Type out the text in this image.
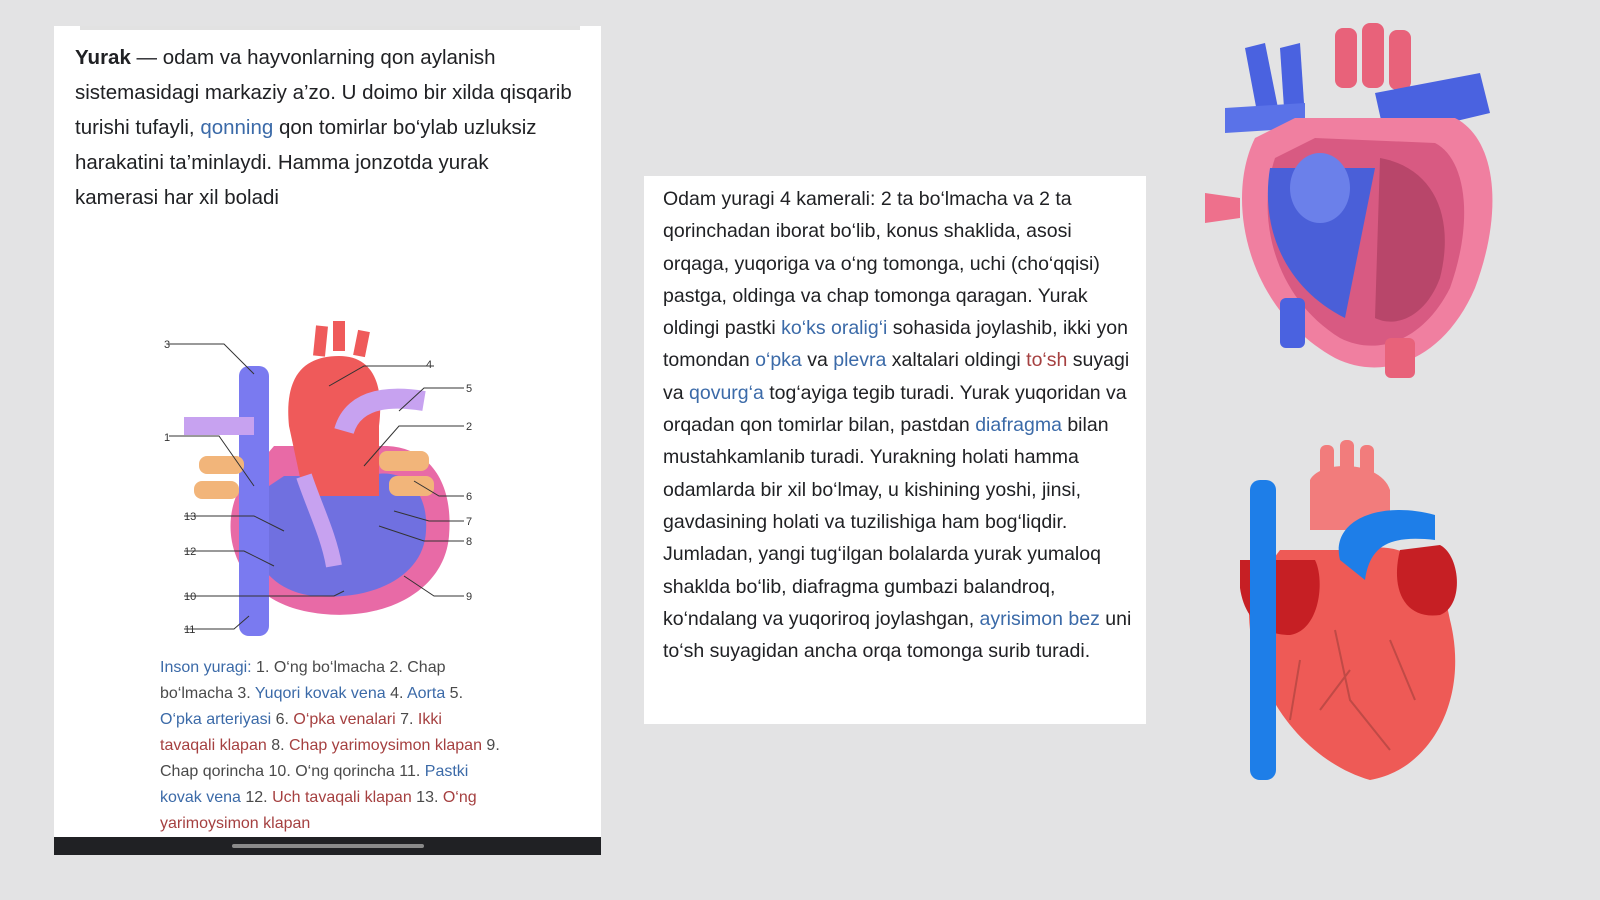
Yurak — odam va hayvonlarning qon aylanish sistemasidagi markaziy a’zo. U doimo bir xilda qisqarib turishi tufayli, qonning qon tomirlar bo‘ylab uzluksiz harakatini ta’minlaydi. Hamma jonzotda yurak kamerasi har xil boladi
1
2
3
4
5
6
7
8
9
10
11
12
13
Inson yuragi: 1. O‘ng bo‘lmacha 2. Chap bo‘lmacha 3. Yuqori kovak vena 4. Aorta 5. O‘pka arteriyasi 6. O‘pka venalari 7. Ikki tavaqali klapan 8. Chap yarimoysimon klapan 9. Chap qorincha 10. O‘ng qorincha 11. Pastki kovak vena 12. Uch tavaqali klapan 13. O‘ng yarimoysimon klapan
Odam yuragi 4 kamerali: 2 ta bo‘lmacha va 2 ta qorinchadan iborat bo‘lib, konus shaklida, asosi orqaga, yuqoriga va o‘ng tomonga, uchi (cho‘qqisi) pastga, oldinga va chap tomonga qaragan. Yurak oldingi pastki ko‘ks oralig‘i sohasida joylashib, ikki yon tomondan o‘pka va plevra xaltalari oldingi to‘sh suyagi va qovurg‘a tog‘ayiga tegib turadi. Yurak yuqoridan va orqadan qon tomirlar bilan, pastdan diafragma bilan mustahkamlanib turadi. Yurakning holati hamma odamlarda bir xil bo‘lmay, u kishining yoshi, jinsi, gavdasining holati va tuzilishiga ham bog‘liqdir. Jumladan, yangi tug‘ilgan bolalarda yurak yumaloq shaklda bo‘lib, diafragma gumbazi balandroq, ko‘ndalang va yuqoriroq joylashgan, ayrisimon bez uni to‘sh suyagidan ancha orqa tomonga surib turadi.
